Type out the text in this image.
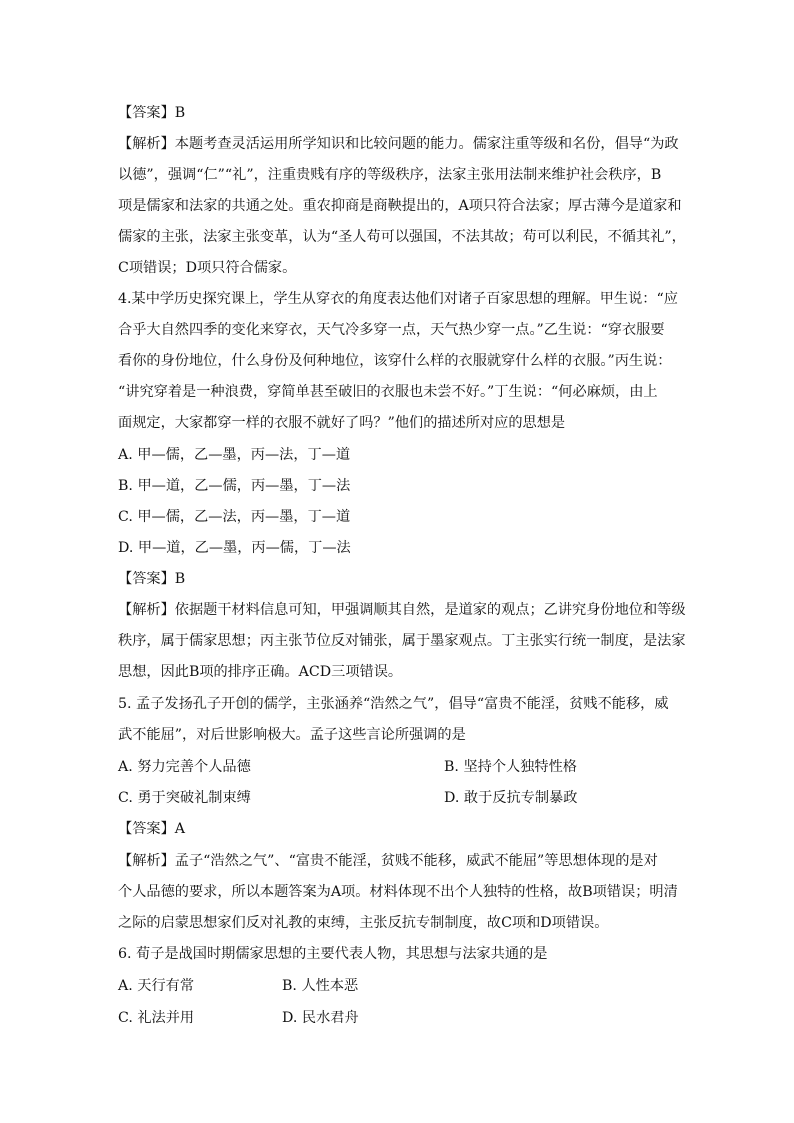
【答案】B
【解析】本题考查灵活运用所学知识和比较问题的能力。儒家注重等级和名份，倡导“为政
以德”，强调“仁”“礼”，注重贵贱有序的等级秩序，法家主张用法制来维护社会秩序，B
项是儒家和法家的共通之处。重农抑商是商鞅提出的，A项只符合法家；厚古薄今是道家和
儒家的主张，法家主张变革，认为“圣人苟可以强国，不法其故；苟可以利民，不循其礼”，
C项错误；D项只符合儒家。
4.某中学历史探究课上，学生从穿衣的角度表达他们对诸子百家思想的理解。甲生说：“应
合乎大自然四季的变化来穿衣，天气冷多穿一点，天气热少穿一点。”乙生说：“穿衣服要
看你的身份地位，什么身份及何种地位，该穿什么样的衣服就穿什么样的衣服。”丙生说：
“讲究穿着是一种浪费，穿简单甚至破旧的衣服也未尝不好。”丁生说：“何必麻烦，由上
面规定，大家都穿一样的衣服不就好了吗？”他们的描述所对应的思想是
A. 甲—儒，乙—墨，丙—法，丁—道
B. 甲—道，乙—儒，丙—墨，丁—法
C. 甲—儒，乙—法，丙—墨，丁—道
D. 甲—道，乙—墨，丙—儒，丁—法
【答案】B
【解析】依据题干材料信息可知，甲强调顺其自然，是道家的观点；乙讲究身份地位和等级
秩序，属于儒家思想；丙主张节位反对铺张，属于墨家观点。丁主张实行统一制度，是法家
思想，因此B项的排序正确。ACD三项错误。
5. 孟子发扬孔子开创的儒学，主张涵养“浩然之气”，倡导“富贵不能淫，贫贱不能移，威
武不能屈”，对后世影响极大。孟子这些言论所强调的是
A. 努力完善个人品德	B. 坚持个人独特性格
C. 勇于突破礼制束缚	D. 敢于反抗专制暴政
【答案】A
【解析】孟子“浩然之气”、“富贵不能淫，贫贱不能移，威武不能屈”等思想体现的是对
个人品德的要求，所以本题答案为A项。材料体现不出个人独特的性格，故B项错误；明清
之际的启蒙思想家们反对礼教的束缚，主张反抗专制制度，故C项和D项错误。
6. 荀子是战国时期儒家思想的主要代表人物，其思想与法家共通的是
A. 天行有常	B. 人性本恶
C. 礼法并用	D. 民水君舟
